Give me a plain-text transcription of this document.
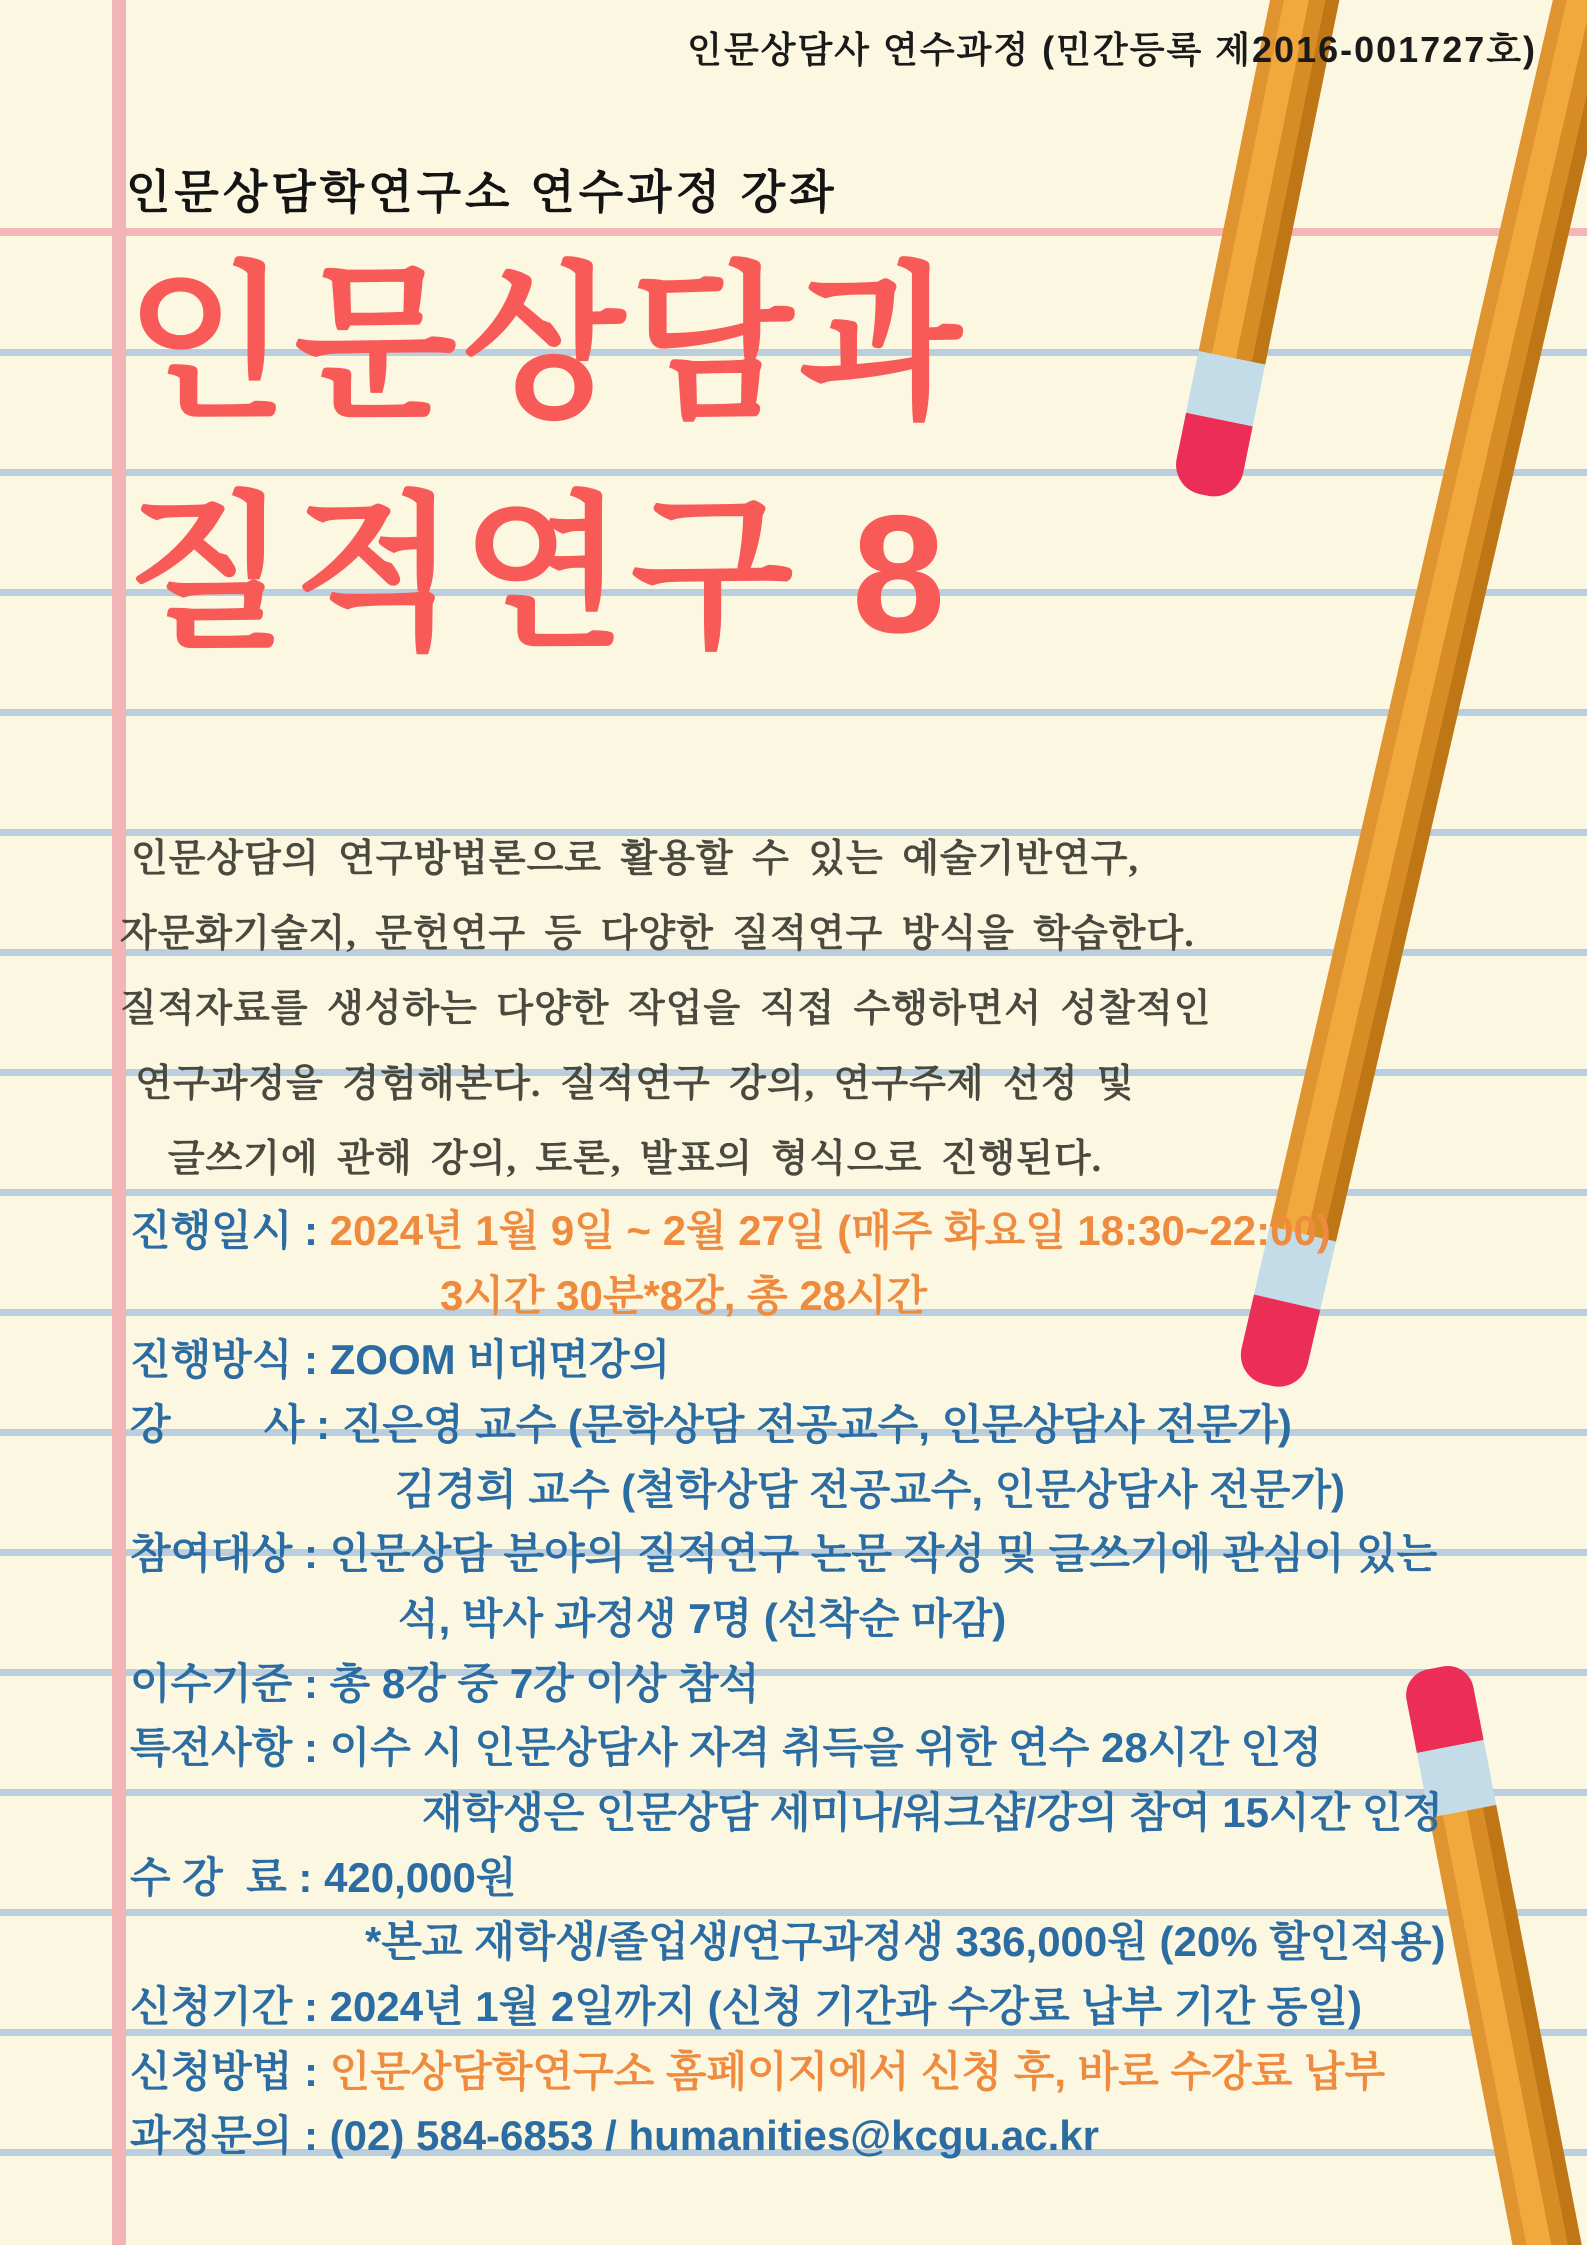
인문상담사 연수과정 (민간등록 제2016-001727호)
인문상담학연구소 연수과정 강좌
인문상담과
질적연구 8
인문상담의 연구방법론으로 활용할 수 있는 예술기반연구,
자문화기술지, 문헌연구 등 다양한 질적연구 방식을 학습한다.
질적자료를 생성하는 다양한 작업을 직접 수행하면서 성찰적인
연구과정을 경험해본다. 질적연구 강의, 연구주제 선정 및
글쓰기에 관해 강의, 토론, 발표의 형식으로 진행된다.
진행일시 : 2024년 1월 9일 ~ 2월 27일 (매주 화요일 18:30~22:00)
3시간 30분*8강, 총 28시간
진행방식 : ZOOM 비대면강의
강        사 : 진은영 교수 (문학상담 전공교수, 인문상담사 전문가)
김경희 교수 (철학상담 전공교수, 인문상담사 전문가)
참여대상 : 인문상담 분야의 질적연구 논문 작성 및 글쓰기에 관심이 있는
석, 박사 과정생 7명 (선착순 마감)
이수기준 : 총 8강 중 7강 이상 참석
특전사항 : 이수 시 인문상담사 자격 취득을 위한 연수 28시간 인정
재학생은 인문상담 세미나/워크샵/강의 참여 15시간 인정
수 강  료 : 420,000원
*본교 재학생/졸업생/연구과정생 336,000원 (20% 할인적용)
신청기간 : 2024년 1월 2일까지 (신청 기간과 수강료 납부 기간 동일)
신청방법 : 인문상담학연구소 홈페이지에서 신청 후, 바로 수강료 납부
과정문의 : (02) 584-6853 / humanities@kcgu.ac.kr
